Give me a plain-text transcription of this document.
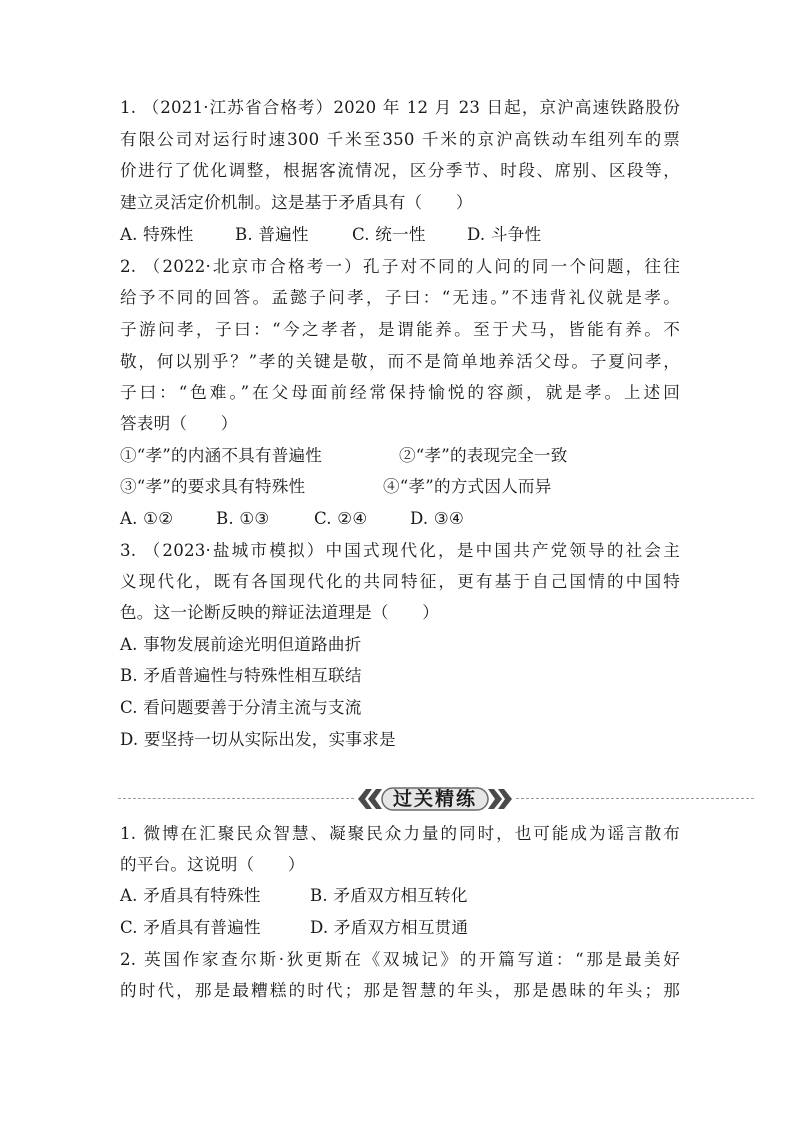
1. （2021·江苏省合格考）2020 年 12 月 23 日起，京沪高速铁路股份
有限公司对运行时速300 千米至350 千米的京沪高铁动车组列车的票
价进行了优化调整，根据客流情况，区分季节、时段、席别、区段等，
建立灵活定价机制。这是基于矛盾具有（　　）
A. 特殊性 B. 普遍性	C. 统一性 D. 斗争性
2. （2022·北京市合格考一）孔子对不同的人问的同一个问题，往往
给予不同的回答。孟懿子问孝，子曰：“无违。”不违背礼仪就是孝。
子游问孝，子曰：“今之孝者，是谓能养。至于犬马，皆能有养。不
敬，何以别乎？”孝的关键是敬，而不是简单地养活父母。子夏问孝，
子曰：“色难。”在父母面前经常保持愉悦的容颜，就是孝。上述回
答表明（　　）
①“孝”的内涵不具有普遍性	②“孝”的表现完全一致
③“孝”的要求具有特殊性	④“孝”的方式因人而异
A. ①②	B. ①③	C. ②④	D. ③④
3. （2023·盐城市模拟）中国式现代化，是中国共产党领导的社会主
义现代化，既有各国现代化的共同特征，更有基于自己国情的中国特
色。这一论断反映的辩证法道理是（　　）
A. 事物发展前途光明但道路曲折
B. 矛盾普遍性与特殊性相互联结
C. 看问题要善于分清主流与支流
D. 要坚持一切从实际出发，实事求是
过关精练
1. 微博在汇聚民众智慧、凝聚民众力量的同时，也可能成为谣言散布
的平台。这说明（　　）
A. 矛盾具有特殊性	B. 矛盾双方相互转化
C. 矛盾具有普遍性	D. 矛盾双方相互贯通
2. 英国作家查尔斯·狄更斯在《双城记》的开篇写道：“那是最美好
的时代，那是最糟糕的时代；那是智慧的年头，那是愚昧的年头；那
